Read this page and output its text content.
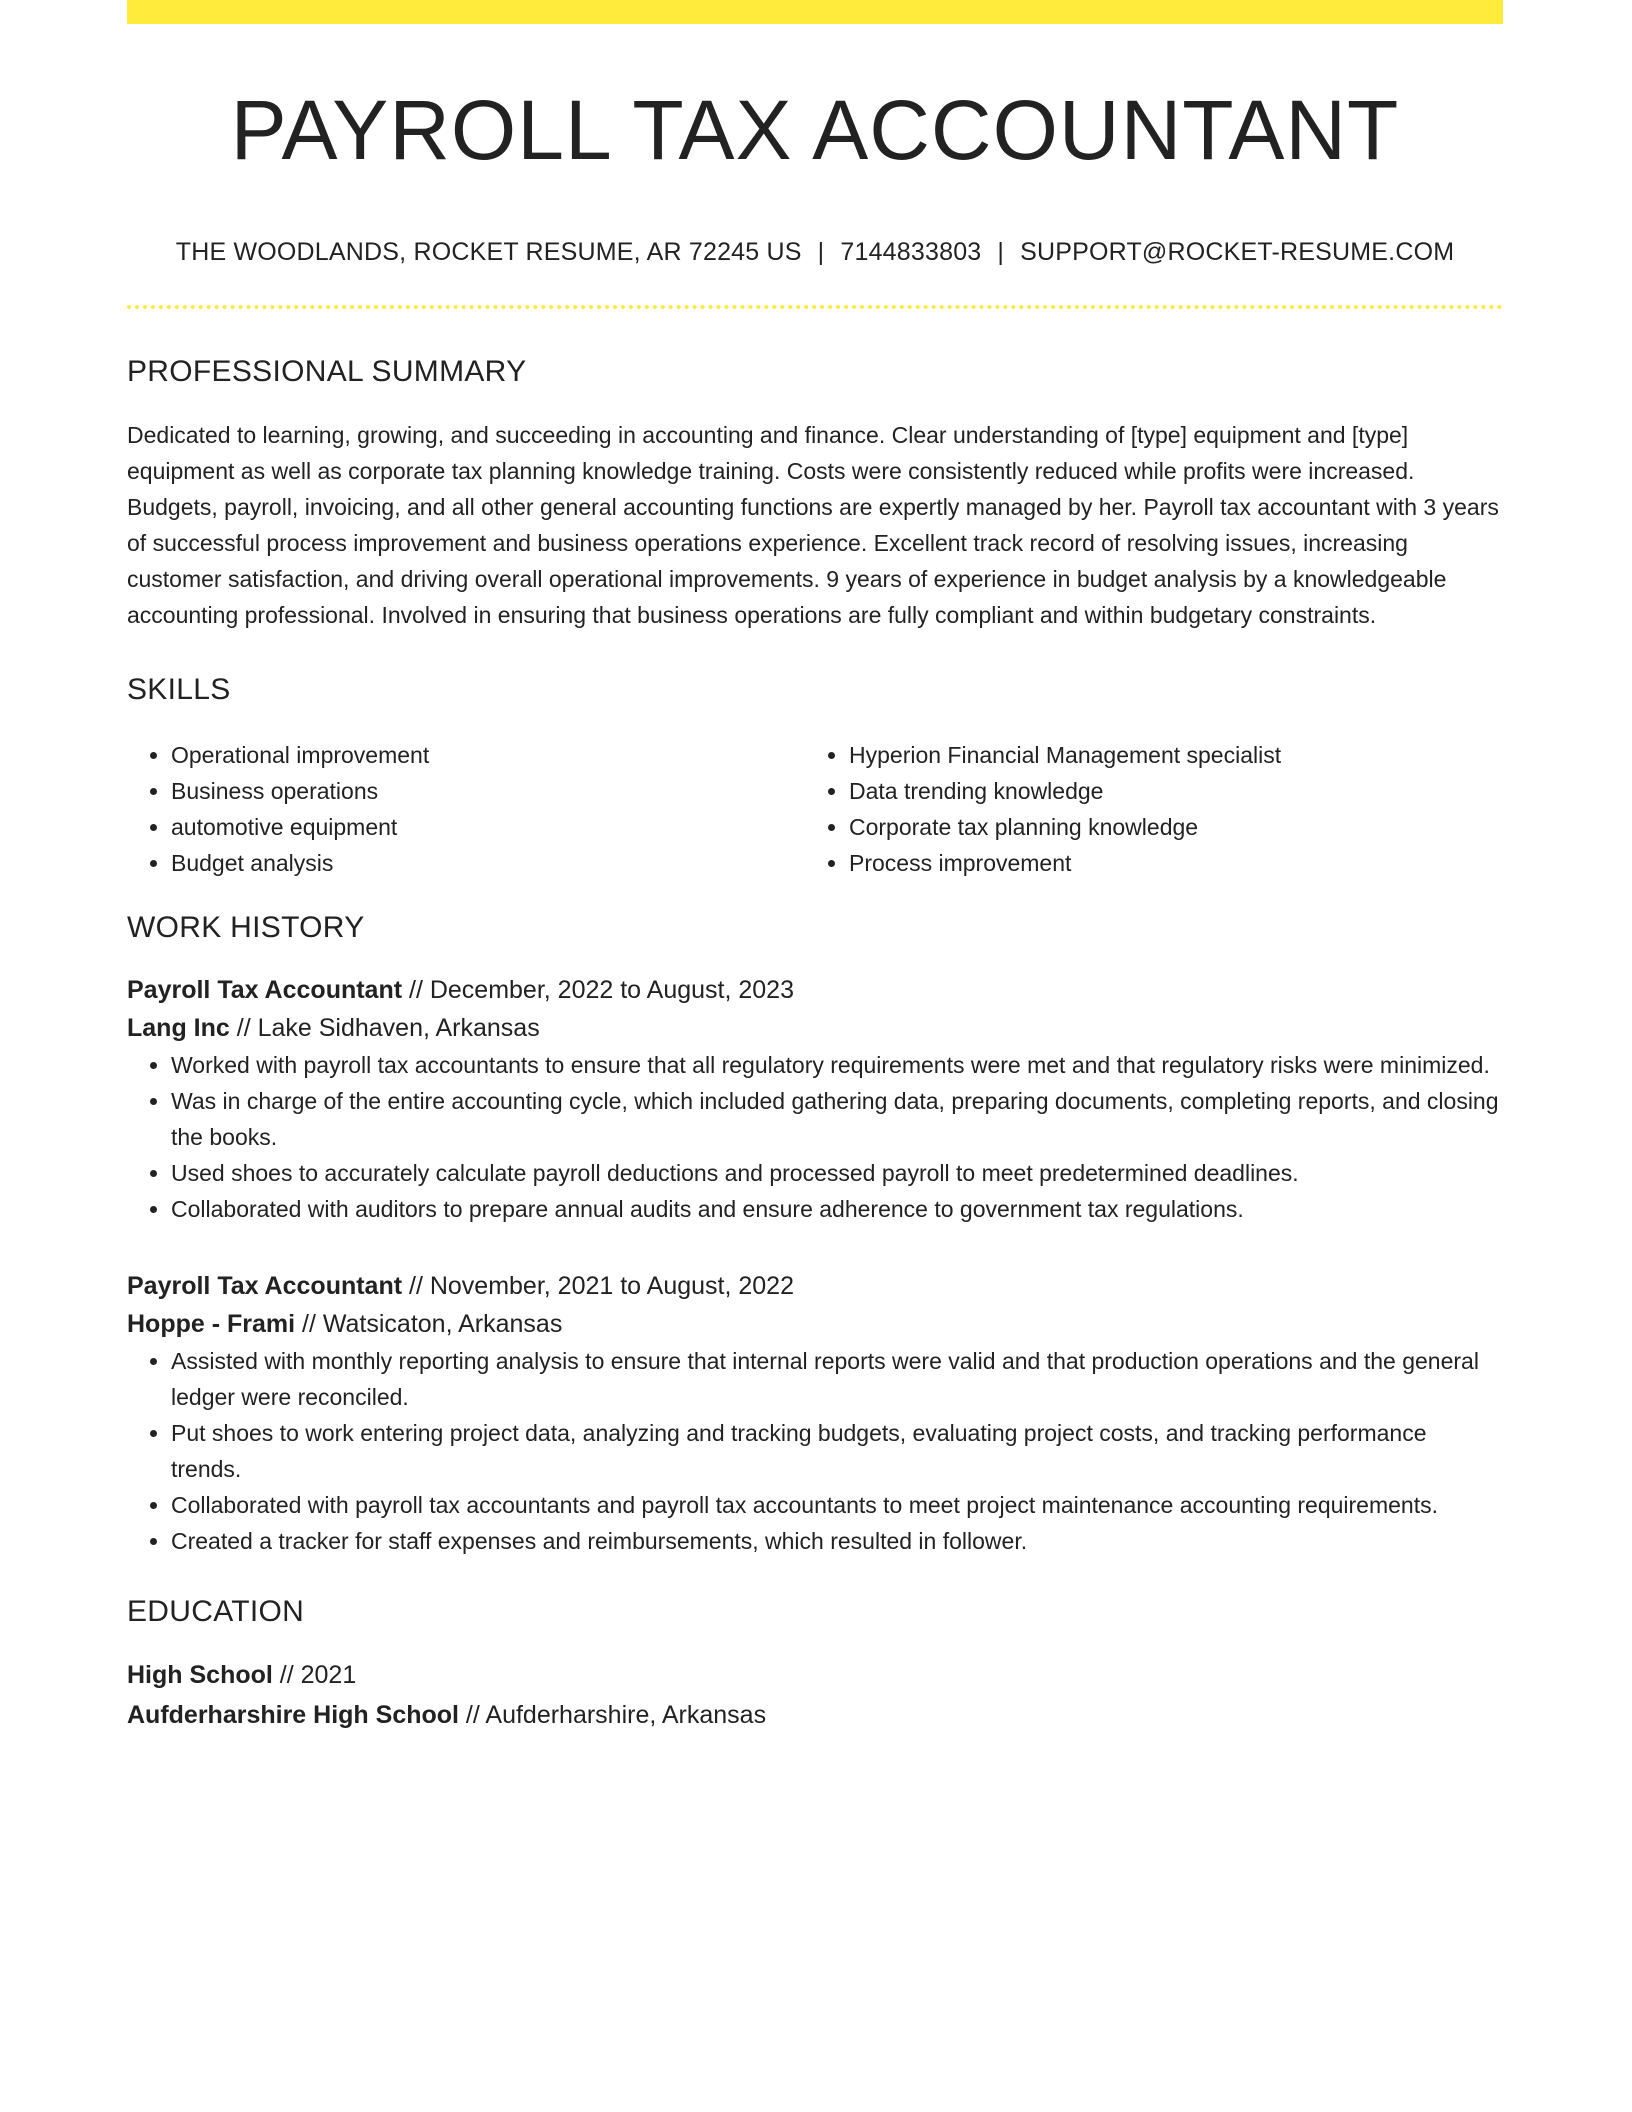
PAYROLL TAX ACCOUNTANT
THE WOODLANDS, ROCKET RESUME, AR 72245 US | 7144833803 | SUPPORT@ROCKET-RESUME.COM
PROFESSIONAL SUMMARY

Dedicated to learning, growing, and succeeding in accounting and finance. Clear understanding of [type] equipment and [type] equipment as well as corporate tax planning knowledge training. Costs were consistently reduced while profits were increased. Budgets, payroll, invoicing, and all other general accounting functions are expertly managed by her. Payroll tax accountant with 3 years of successful process improvement and business operations experience. Excellent track record of resolving issues, increasing customer satisfaction, and driving overall operational improvements. 9 years of experience in budget analysis by a knowledgeable accounting professional. Involved in ensuring that business operations are fully compliant and within budgetary constraints.

SKILLS
• Operational improvement
• Business operations
• automotive equipment
• Budget analysis
• Hyperion Financial Management specialist
• Data trending knowledge
• Corporate tax planning knowledge
• Process improvement
WORK HISTORY
Payroll Tax Accountant // December, 2022 to August, 2023
Lang Inc // Lake Sidhaven, Arkansas
• Worked with payroll tax accountants to ensure that all regulatory requirements were met and that regulatory risks were minimized.
• Was in charge of the entire accounting cycle, which included gathering data, preparing documents, completing reports, and closing the books.
• Used shoes to accurately calculate payroll deductions and processed payroll to meet predetermined deadlines.
• Collaborated with auditors to prepare annual audits and ensure adherence to government tax regulations.
Payroll Tax Accountant // November, 2021 to August, 2022
Hoppe - Frami // Watsicaton, Arkansas
• Assisted with monthly reporting analysis to ensure that internal reports were valid and that production operations and the general ledger were reconciled.
• Put shoes to work entering project data, analyzing and tracking budgets, evaluating project costs, and tracking performance trends.
• Collaborated with payroll tax accountants and payroll tax accountants to meet project maintenance accounting requirements.
• Created a tracker for staff expenses and reimbursements, which resulted in follower.
EDUCATION
High School // 2021
Aufderharshire High School // Aufderharshire, Arkansas
